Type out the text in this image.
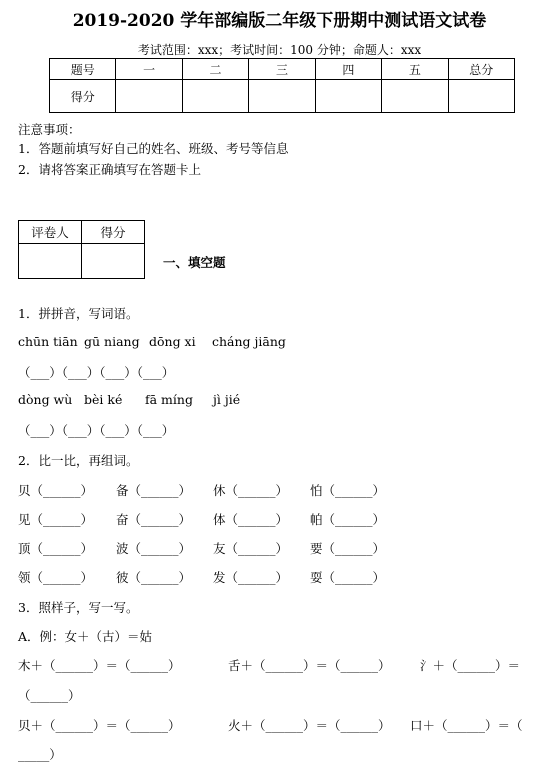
2019-2020 学年部编版二年级下册期中测试语文试卷
考试范围：xxx；考试时间：100 分钟；命题人：xxx
题号	一	二	三	四	五	总分
得分						
注意事项：
1．答题前填写好自己的姓名、班级、考号等信息
2．请将答案正确填写在答题卡上
评卷人	得分

一、填空题
1．拼拼音，写词语。
chūn tiān gū niang dōng xi cháng jiāng
（___）（___）（___）（___）
dòng wù bèi ké fā míng jì jié
（___）（___）（___）（___）
2．比一比，再组词。
贝（______） 备（______） 休（______） 怕（______）
见（______） 奋（______） 体（______） 帕（______）
顶（______） 波（______） 友（______） 要（______）
领（______） 彼（______） 发（______） 耍（______）
3．照样子，写一写。
A．例：女＋（古）＝姑
木＋（______）＝（______）	舌＋（______）＝（______） 氵＋（______）＝
（______）
贝＋（______）＝（______）	火＋（______）＝（______） 口＋（______）＝（
_____）
